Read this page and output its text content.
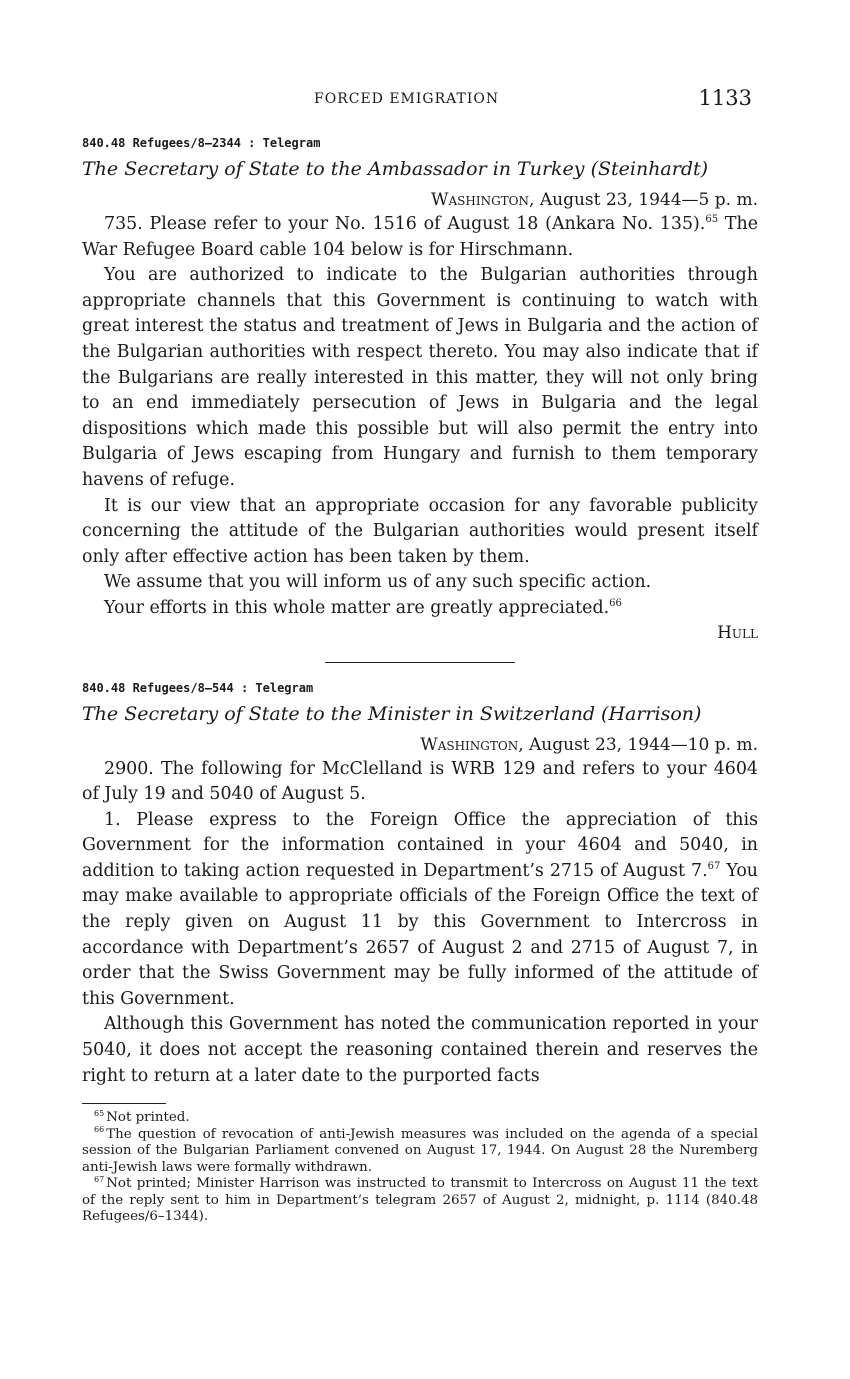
FORCED EMIGRATION	1133
840.48 Refugees/8–2344 : Telegram
The Secretary of State to the Ambassador in Turkey (Steinhardt)
Washington, August 23, 1944—5 p. m.

735. Please refer to your No. 1516 of August 18 (Ankara No. 135).$^{65}$ The War Refugee Board cable 104 below is for Hirschmann.

You are authorized to indicate to the Bulgarian authorities through appropriate channels that this Government is continuing to watch with great interest the status and treatment of Jews in Bulgaria and the action of the Bulgarian authorities with respect thereto. You may also indicate that if the Bulgarians are really interested in this matter, they will not only bring to an end immediately persecution of Jews in Bulgaria and the legal dispositions which made this possible but will also permit the entry into Bulgaria of Jews escaping from Hungary and furnish to them temporary havens of refuge.

It is our view that an appropriate occasion for any favorable publicity concerning the attitude of the Bulgarian authorities would present itself only after effective action has been taken by them.

We assume that you will inform us of any such specific action.

Your efforts in this whole matter are greatly appreciated.$^{66}$

Hull

840.48 Refugees/8–544 : Telegram
The Secretary of State to the Minister in Switzerland (Harrison)
Washington, August 23, 1944—10 p. m.

2900. The following for McClelland is WRB 129 and refers to your 4604 of July 19 and 5040 of August 5.

1. Please express to the Foreign Office the appreciation of this Government for the information contained in your 4604 and 5040, in addition to taking action requested in Department’s 2715 of August 7.67 You may make available to appropriate officials of the Foreign Office the text of the reply given on August 11 by this Government to Intercross in accordance with Department’s 2657 of August 2 and 2715 of August 7, in order that the Swiss Government may be fully informed of the attitude of this Government.

Although this Government has noted the communication reported in your 5040, it does not accept the reasoning contained therein and reserves the right to return at a later date to the purported facts

$^{65}$ Not printed.

$^{66}$ The question of revocation of anti-Jewish measures was included on the agenda of a special session of the Bulgarian Parliament convened on August 17, 1944. On August 28 the Nuremberg anti-Jewish laws were formally withdrawn.

$^{67}$ Not printed; Minister Harrison was instructed to transmit to Intercross on August 11 the text of the reply sent to him in Department’s telegram 2657 of August 2, midnight, p. 1114 (840.48 Refugees/6–1344).
